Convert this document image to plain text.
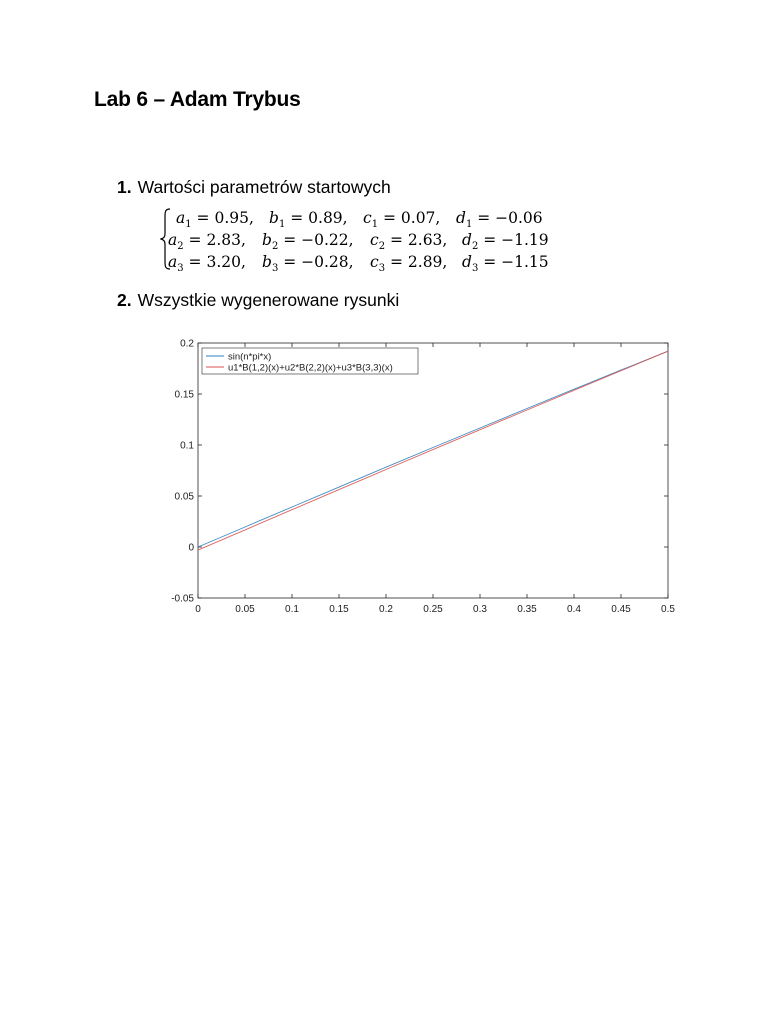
Lab 6 – Adam Trybus
1. Wartości parametrów startowych
$a_1 = 0.95$, $b_1 = 0.89$, $c_1 = 0.07$, $d_1 = -0.06$
$a_2 = 2.83$, $b_2 = -0.22$, $c_2 = 2.63$, $d_2 = -1.19$
$a_3 = 3.20$, $b_3 = -0.28$, $c_3 = 2.89$, $d_3 = -1.15$
2. Wszystkie wygenerowane rysunki
0	0.05	0.1	0.15	0.2	0.25	0.3	0.35	0.4	0.45	0.5
-0.05
0
0.05
0.1
0.15
0.2
sin(n*pi*x)
u1*B(1,2)(x)+u2*B(2,2)(x)+u3*B(3,3)(x)
